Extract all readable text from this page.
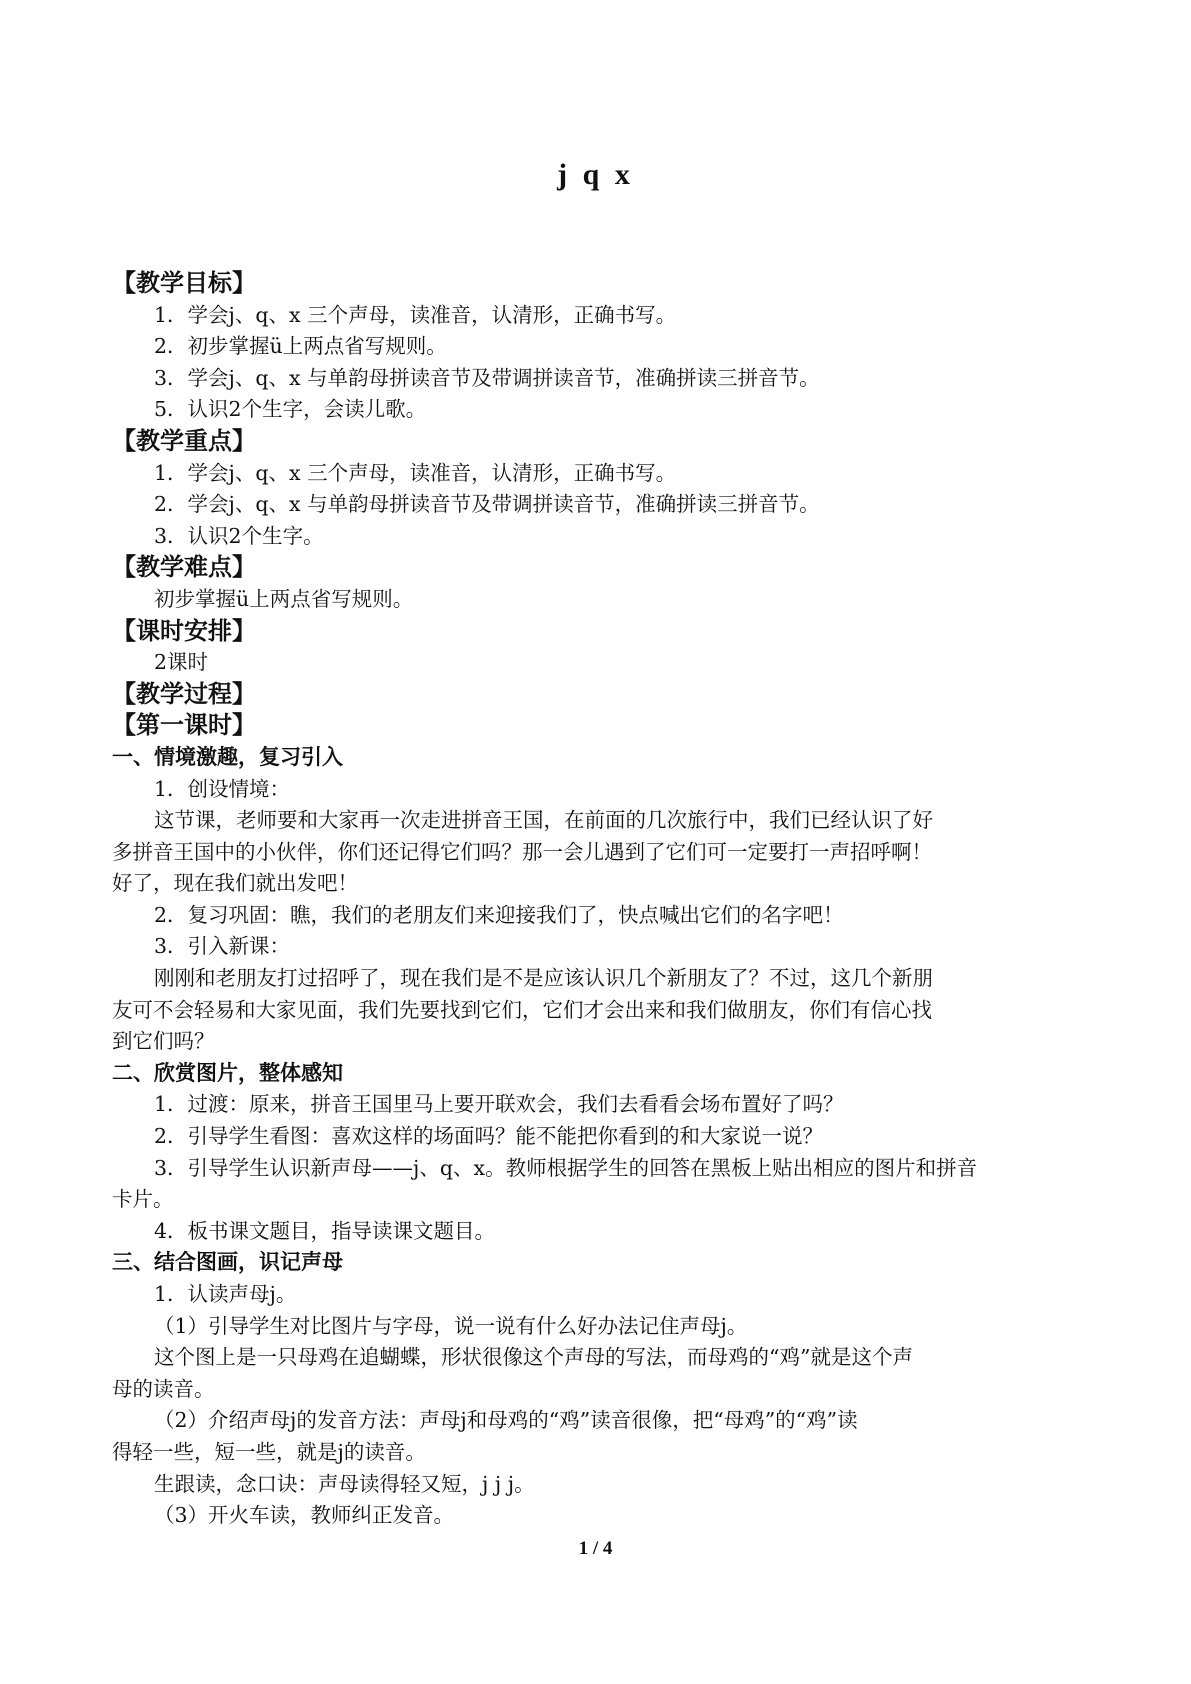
j q x
【教学目标】
1．学会j、q、x 三个声母，读准音，认清形，正确书写。
2．初步掌握ü上两点省写规则。
3．学会j、q、x 与单韵母拼读音节及带调拼读音节，准确拼读三拼音节。
5．认识2个生字，会读儿歌。
【教学重点】
1．学会j、q、x 三个声母，读准音，认清形，正确书写。
2．学会j、q、x 与单韵母拼读音节及带调拼读音节，准确拼读三拼音节。
3．认识2个生字。
【教学难点】
初步掌握ü上两点省写规则。
【课时安排】
2课时
【教学过程】
【第一课时】
一、情境激趣，复习引入
1．创设情境：
这节课，老师要和大家再一次走进拼音王国，在前面的几次旅行中，我们已经认识了好
多拼音王国中的小伙伴，你们还记得它们吗？那一会儿遇到了它们可一定要打一声招呼啊！
好了，现在我们就出发吧！
2．复习巩固：瞧，我们的老朋友们来迎接我们了，快点喊出它们的名字吧！
3．引入新课：
刚刚和老朋友打过招呼了，现在我们是不是应该认识几个新朋友了？不过，这几个新朋
友可不会轻易和大家见面，我们先要找到它们，它们才会出来和我们做朋友，你们有信心找
到它们吗？
二、欣赏图片，整体感知
1．过渡：原来，拼音王国里马上要开联欢会，我们去看看会场布置好了吗？
2．引导学生看图：喜欢这样的场面吗？能不能把你看到的和大家说一说？
3．引导学生认识新声母——j、q、x。教师根据学生的回答在黑板上贴出相应的图片和拼音
卡片。
4．板书课文题目，指导读课文题目。
三、结合图画，识记声母
1．认读声母j。
（1）引导学生对比图片与字母，说一说有什么好办法记住声母j。
这个图上是一只母鸡在追蝴蝶，形状很像这个声母的写法，而母鸡的“鸡”就是这个声
母的读音。
（2）介绍声母j的发音方法：声母j和母鸡的“鸡”读音很像，把“母鸡”的“鸡”读
得轻一些，短一些，就是j的读音。
生跟读，念口诀：声母读得轻又短，j j j。
（3）开火车读，教师纠正发音。
1 / 4
